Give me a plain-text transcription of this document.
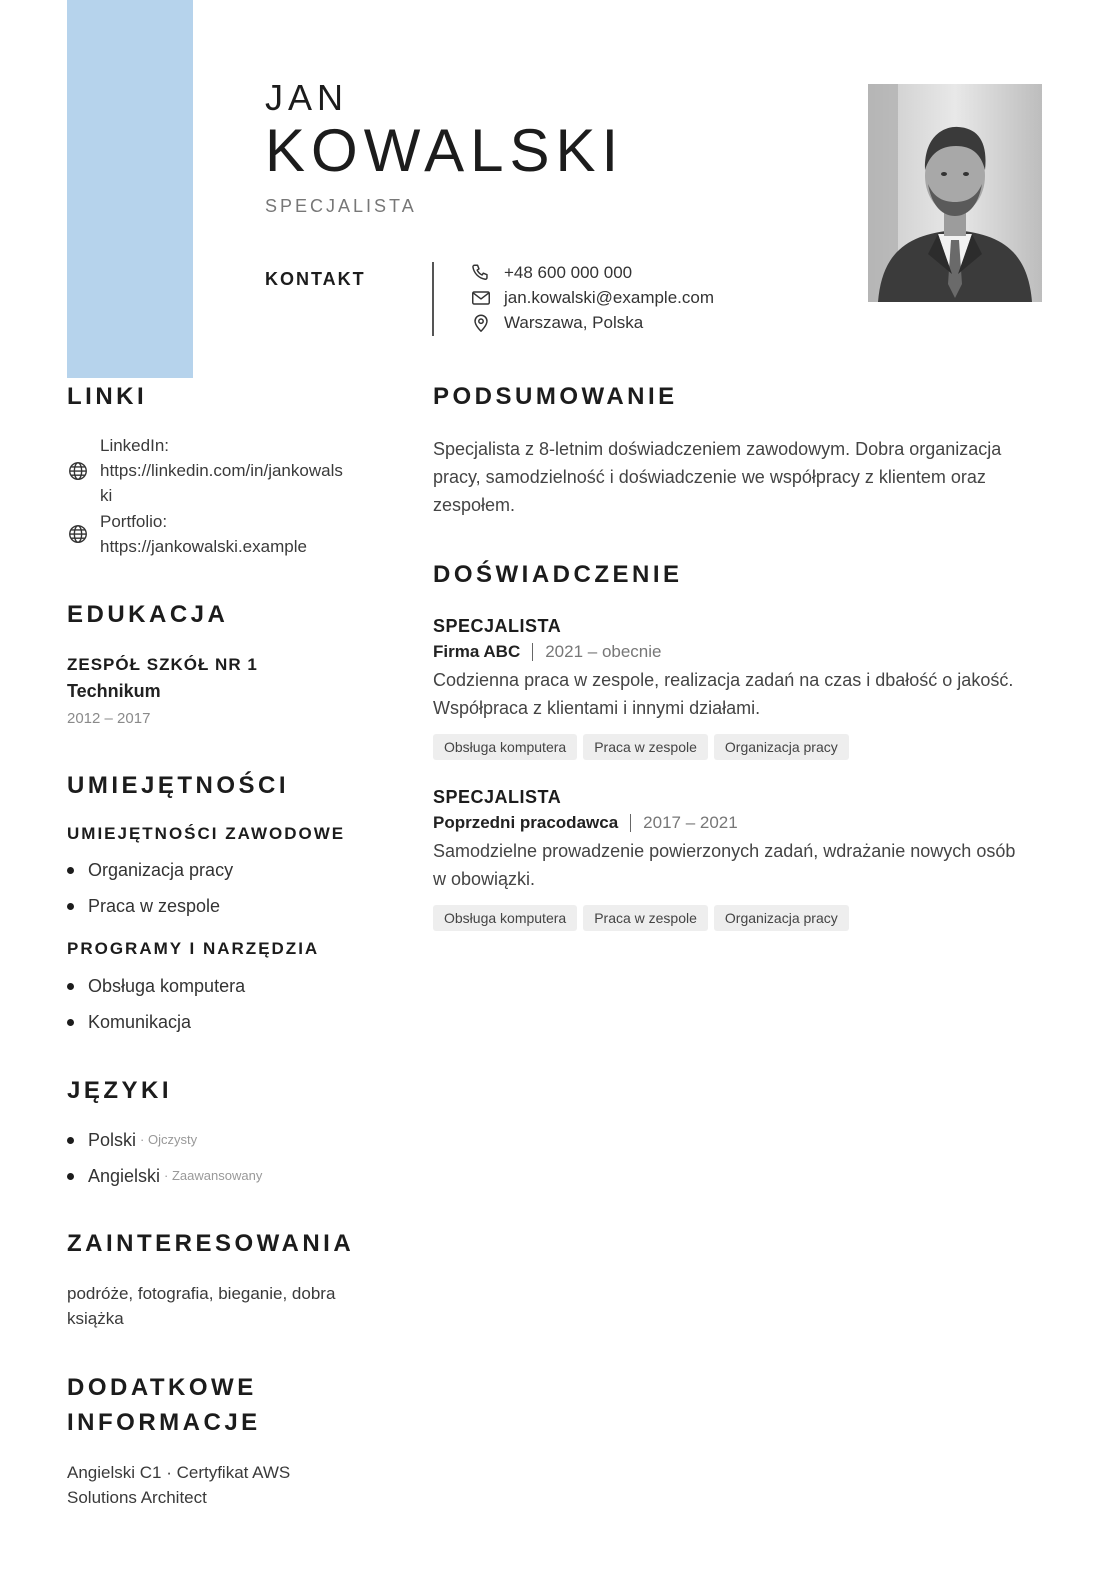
JAN
KOWALSKI
SPECJALISTA
KONTAKT	+48 600 000 000
jan.kowalski@example.com
Warszawa, Polska
LINKI
LinkedIn:
https://linkedin.com/in/jankowals
ki
Portfolio:
https://jankowalski.example
EDUKACJA
ZESPÓŁ SZKÓŁ NR 1
Technikum
2012 – 2017
UMIEJĘTNOŚCI
UMIEJĘTNOŚCI ZAWODOWE
Organizacja pracy
Praca w zespole
PROGRAMY I NARZĘDZIA
Obsługa komputera
Komunikacja
JĘZYKI
Polski · Ojczysty
Angielski · Zaawansowany
ZAINTERESOWANIA
podróże, fotografia, bieganie, dobra
książka
DODATKOWE
INFORMACJE
Angielski C1 · Certyfikat AWS
Solutions Architect
PODSUMOWANIE
Specjalista z 8-letnim doświadczeniem zawodowym. Dobra organizacja
pracy, samodzielność i doświadczenie we współpracy z klientem oraz
zespołem.
DOŚWIADCZENIE
SPECJALISTA
Firma ABC 2021 – obecnie
Codzienna praca w zespole, realizacja zadań na czas i dbałość o jakość.
Współpraca z klientami i innymi działami.
Obsługa komputera	Praca w zespole	Organizacja pracy
SPECJALISTA
Poprzedni pracodawca 2017 – 2021
Samodzielne prowadzenie powierzonych zadań, wdrażanie nowych osób
w obowiązki.
Obsługa komputera	Praca w zespole	Organizacja pracy
